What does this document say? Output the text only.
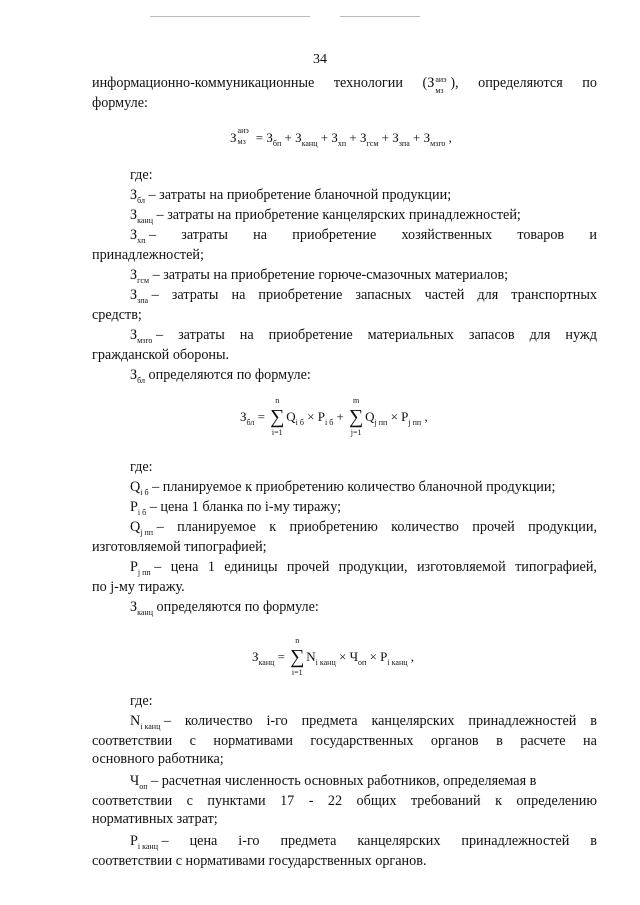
34
информационно-коммуникационные технологии (З аиэ
мз ), определяются по
формуле:
З аиэ
мз = $З_{бп} + З_{канц} + З_{хп} + З_{гсм} + З_{зпа} + З_{мзго}$ ,
где:
$З_{бл}$ – затраты на приобретение бланочной продукции;
$З_{канц}$ – затраты на приобретение канцелярских принадлежностей;
$З_{хп}$ – затраты на приобретение хозяйственных товаров и
принадлежностей;
$З_{гсм}$ – затраты на приобретение горюче-смазочных материалов;
$З_{зпа}$ – затраты на приобретение запасных частей для транспортных
средств;
$З_{мзго}$ – затраты на приобретение материальных запасов для нужд
гражданской обороны.
$З_{бл}$ определяются по формуле:
$З_{бл}$ =
n
∑
i=1
$Q_{i б} \times P_{i б}$ +
m
∑
j=1
$Q_{j пп} \times P_{j пп}$ ,
где:
$Q_{i б}$ – планируемое к приобретению количество бланочной продукции;
$P_{i б}$ – цена 1 бланка по i-му тиражу;
$Q_{j пп}$ – планируемое к приобретению количество прочей продукции,
изготовляемой типографией;
$P_{j пп}$ – цена 1 единицы прочей продукции, изготовляемой типографией,
по j-му тиражу.
$З_{канц}$ определяются по формуле:
$З_{канц}$ =
n
∑
i=1
$N_{i канц} \times Ч_{оп} \times P_{i канц}$ ,
где:
$N_{i канц}$ – количество i-го предмета канцелярских принадлежностей в
соответствии с нормативами государственных органов в расчете на
основного работника;
$Ч_{оп}$ – расчетная численность основных работников, определяемая в
соответствии с пунктами 17 - 22 общих требований к определению
нормативных затрат;
$P_{i канц}$ – цена i-го предмета канцелярских принадлежностей в
соответствии с нормативами государственных органов.
